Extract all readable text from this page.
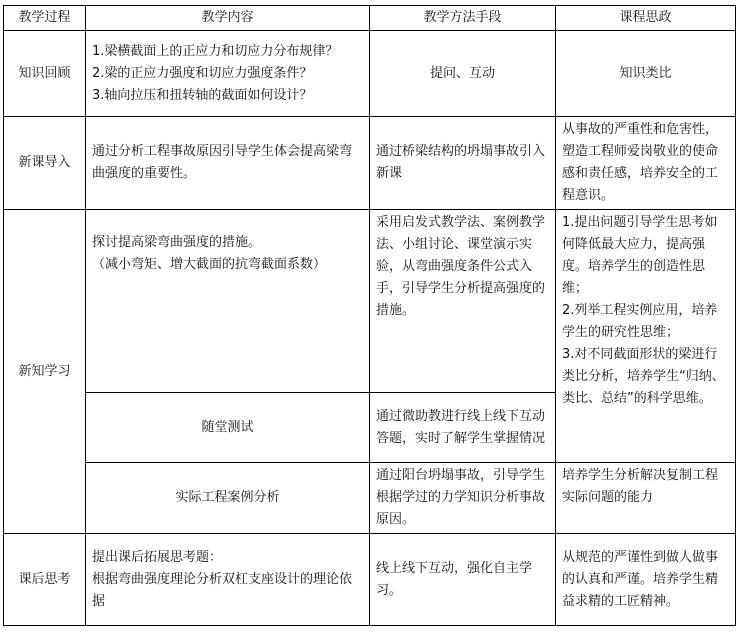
教学过程	教学内容	教学方法手段	课程思政
知识回顾	1.梁横截面上的正应力和切应力分布规律？
2.梁的正应力强度和切应力强度条件？
3.轴向拉压和扭转轴的截面如何设计？	提问、互动	知识类比
新课导入	通过分析工程事故原因引导学生体会提高梁弯曲强度的重要性。	通过桥梁结构的坍塌事故引入新课	从事故的严重性和危害性，塑造工程师爱岗敬业的使命感和责任感，培养安全的工程意识。
新知学习	探讨提高梁弯曲强度的措施。
（减小弯矩、增大截面的抗弯截面系数）	采用启发式教学法、案例教学法、小组讨论、课堂演示实验，从弯曲强度条件公式入手，引导学生分析提高强度的措施。	1.提出问题引导学生思考如何降低最大应力，提高强度。培养学生的创造性思维；
2.列举工程实例应用，培养学生的研究性思维；
3.对不同截面形状的梁进行类比分析，培养学生“归纳、类比、总结”的科学思维。

	随堂测试	通过微助教进行线上线下互动答题，实时了解学生掌握情况	
	实际工程案例分析	通过阳台坍塌事故，引导学生根据学过的力学知识分析事故原因。	培养学生分析解决复制工程实际问题的能力
课后思考	提出课后拓展思考题：
根据弯曲强度理论分析双杠支座设计的理论依据	线上线下互动，强化自主学习。	从规范的严谨性到做人做事的认真和严谨。培养学生精益求精的工匠精神。
